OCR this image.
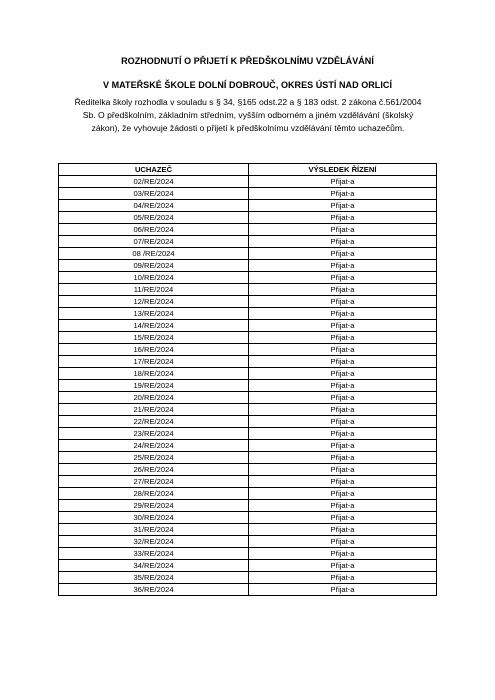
ROZHODNUTÍ O PŘIJETÍ K PŘEDŠKOLNÍMU VZDĚLÁVÁNÍ
V MATEŘSKÉ ŠKOLE DOLNÍ DOBROUČ, OKRES ÚSTÍ NAD ORLICÍ
Ředitelka školy rozhodla v souladu s § 34, §165 odst.22 a § 183 odst. 2 zákona č.561/2004
Sb. O předškolním, základním středním, vyšším odborném a jiném vzdělávání (školský
zákon), že vyhovuje žádosti o přijetí k předškolnímu vzdělávání těmto uchazečům.
UCHAZEČ	VÝSLEDEK ŘÍZENÍ
02/RE/2024	Přijat-a
03/RE/2024	Přijat-a
04/RE/2024	Přijat-a
05/RE/2024	Přijat-a
06/RE/2024	Přijat-a
07/RE/2024	Přijat-a
08 /RE/2024	Přijat-a
09/RE/2024	Přijat-a
10/RE/2024	Přijat-a
11/RE/2024	Přijat-a
12/RE/2024	Přijat-a
13/RE/2024	Přijat-a
14/RE/2024	Přijat-a
15/RE/2024	Přijat-a
16/RE/2024	Přijat-a
17/RE/2024	Přijat-a
18/RE/2024	Přijat-a
19/RE/2024	Přijat-a
20/RE/2024	Přijat-a
21/RE/2024	Přijat-a
22/RE/2024	Přijat-a
23/RE/2024	Přijat-a
24/RE/2024	Přijat-a
25/RE/2024	Přijat-a
26/RE/2024	Přijat-a
27/RE/2024	Přijat-a
28/RE/2024	Přijat-a
29/RE/2024	Přijat-a
30/RE/2024	Přijat-a
31/RE/2024	Přijat-a
32/RE/2024	Přijat-a
33/RE/2024	Přijat-a
34/RE/2024	Přijat-a
35/RE/2024	Přijat-a
36/RE/2024	Přijat-a
